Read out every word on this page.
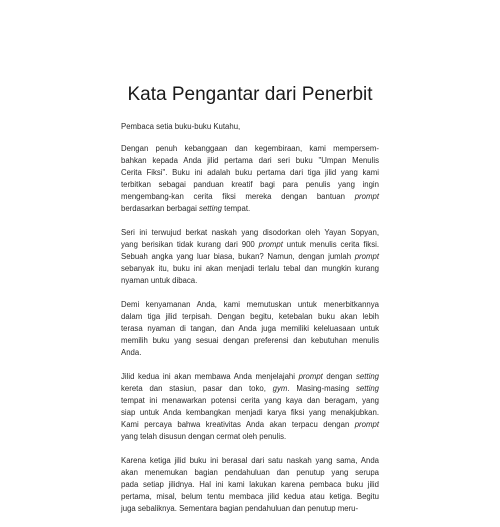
Kata Pengantar dari Penerbit

Pembaca setia buku-buku Kutahu,

Dengan penuh kebanggaan dan kegembiraan, kami mempersem-
bahkan kepada Anda jilid pertama dari seri buku "Umpan Menulis
Cerita Fiksi". Buku ini adalah buku pertama dari tiga jilid yang kami
terbitkan sebagai panduan kreatif bagi para penulis yang ingin
mengembang-kan cerita fiksi mereka dengan bantuan prompt
berdasarkan berbagai setting tempat.

Seri ini terwujud berkat naskah yang disodorkan oleh Yayan Sopyan,
yang berisikan tidak kurang dari 900 prompt untuk menulis cerita fiksi.
Sebuah angka yang luar biasa, bukan? Namun, dengan jumlah prompt
sebanyak itu, buku ini akan menjadi terlalu tebal dan mungkin kurang
nyaman untuk dibaca.

Demi kenyamanan Anda, kami memutuskan untuk menerbitkannya
dalam tiga jilid terpisah. Dengan begitu, ketebalan buku akan lebih
terasa nyaman di tangan, dan Anda juga memiliki keleluasaan untuk
memilih buku yang sesuai dengan preferensi dan kebutuhan menulis
Anda.

Jilid kedua ini akan membawa Anda menjelajahi prompt dengan setting
kereta dan stasiun, pasar dan toko, gym. Masing-masing setting
tempat ini menawarkan potensi cerita yang kaya dan beragam, yang
siap untuk Anda kembangkan menjadi karya fiksi yang menakjubkan.
Kami percaya bahwa kreativitas Anda akan terpacu dengan prompt
yang telah disusun dengan cermat oleh penulis.

Karena ketiga jilid buku ini berasal dari satu naskah yang sama, Anda
akan menemukan bagian pendahuluan dan penutup yang serupa
pada setiap jilidnya. Hal ini kami lakukan karena pembaca buku jilid
pertama, misal, belum tentu membaca jilid kedua atau ketiga. Begitu
juga sebaliknya. Sementara bagian pendahuluan dan penutup meru-
